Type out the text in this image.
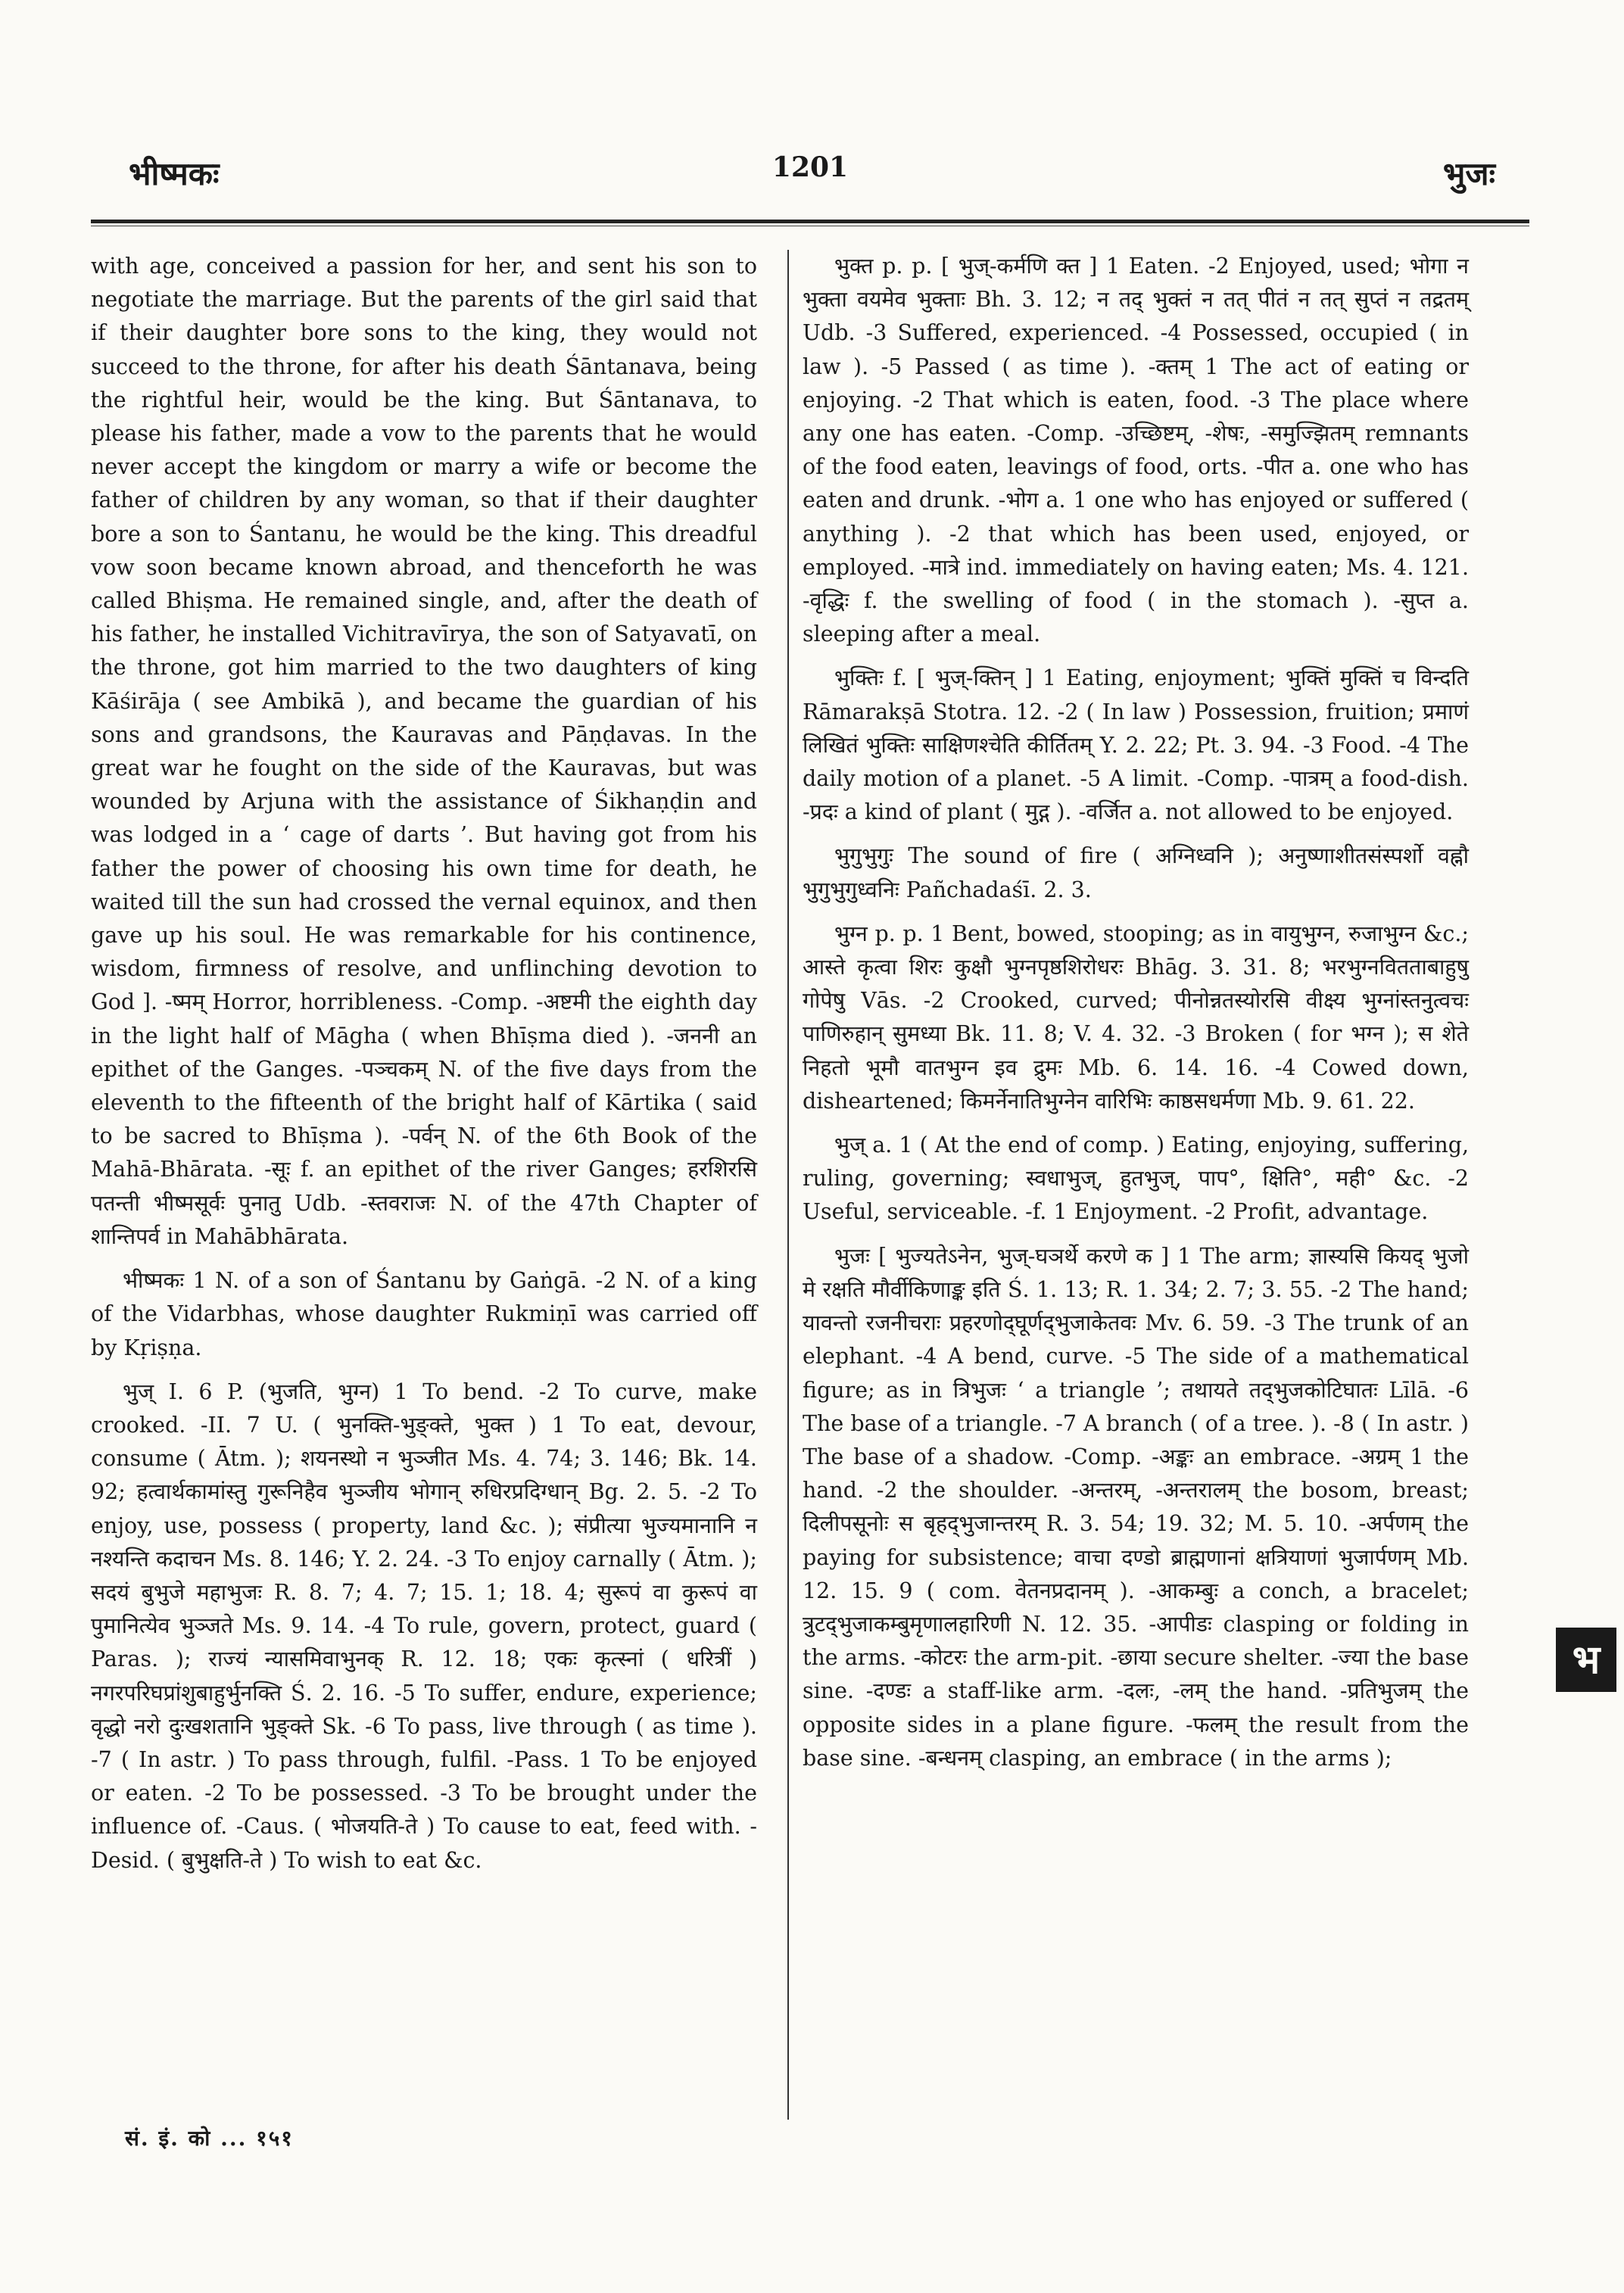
भीष्मकः	1201	भुजः

with age, conceived a passion for her, and sent his son to negotiate the marriage. But the parents of the girl said that if their daughter bore sons to the king, they would not succeed to the throne, for after his death Śāntanava, being the rightful heir, would be the king. But Śāntanava, to please his father, made a vow to the parents that he would never accept the kingdom or marry a wife or become the father of children by any woman, so that if their daughter bore a son to Śantanu, he would be the king. This dreadful vow soon became known abroad, and thenceforth he was called Bhiṣma. He remained single, and, after the death of his father, he installed Vichitravīrya, the son of Satyavatī, on the throne, got him married to the two daughters of king Kāśirāja ( see Ambikā ), and became the guardian of his sons and grandsons, the Kauravas and Pāṇḍavas. In the great war he fought on the side of the Kauravas, but was wounded by Arjuna with the assistance of Śikhaṇḍin and was lodged in a ‘ cage of darts ’. But having got from his father the power of choosing his own time for death, he waited till the sun had crossed the vernal equinox, and then gave up his soul. He was remarkable for his continence, wisdom, firmness of resolve, and unflinching devotion to God ]. -ष्मम् Horror, horribleness. -Comp. -अष्टमी the eighth day in the light half of Māgha ( when Bhīṣma died ). -जननी an epithet of the Ganges. -पञ्चकम् N. of the five days from the eleventh to the fifteenth of the bright half of Kārtika ( said to be sacred to Bhīṣma ). -पर्वन् N. of the 6th Book of the Mahā-Bhārata. -सूः f. an epithet of the river Ganges; हरशिरसि पतन्ती भीष्मसूर्वः पुनातु Udb. -स्तवराजः N. of the 47th Chapter of शान्तिपर्व in Mahābhārata.

भीष्मकः 1 N. of a son of Śantanu by Gaṅgā. -2 N. of a king of the Vidarbhas, whose daughter Rukmiṇī was carried off by Kṛiṣṇa.

भुज् I. 6 P. (भुजति, भुग्न) 1 To bend. -2 To curve, make crooked. -II. 7 U. ( भुनक्ति-भुङ्क्ते, भुक्त ) 1 To eat, devour, consume ( Ātm. ); शयनस्थो न भुञ्जीत Ms. 4. 74; 3. 146; Bk. 14. 92; हत्वार्थकामांस्तु गुरूनिहैव भुञ्जीय भोगान् रुधिरप्रदिग्धान् Bg. 2. 5. -2 To enjoy, use, possess ( property, land &c. ); संप्रीत्या भुज्यमानानि न नश्यन्ति कदाचन Ms. 8. 146; Y. 2. 24. -3 To enjoy carnally ( Ātm. ); सदयं बुभुजे महाभुजः R. 8. 7; 4. 7; 15. 1; 18. 4; सुरूपं वा कुरूपं वा पुमानित्येव भुञ्जते Ms. 9. 14. -4 To rule, govern, protect, guard ( Paras. ); राज्यं न्यासमिवाभुनक् R. 12. 18; एकः कृत्स्नां ( धरित्रीं ) नगरपरिघप्रांशुबाहुर्भुनक्ति Ś. 2. 16. -5 To suffer, endure, experience; वृद्धो नरो दुःखशतानि भुङ्क्ते Sk. -6 To pass, live through ( as time ). -7 ( In astr. ) To pass through, fulfil. -Pass. 1 To be enjoyed or eaten. -2 To be possessed. -3 To be brought under the influence of. -Caus. ( भोजयति-ते ) To cause to eat, feed with. -Desid. ( बुभुक्षति-ते ) To wish to eat &c.

भुक्त p. p. [ भुज्-कर्मणि क्त ] 1 Eaten. -2 Enjoyed, used; भोगा न भुक्ता वयमेव भुक्ताः Bh. 3. 12; न तद् भुक्तं न तत् पीतं न तत् सुप्तं न तद्रतम् Udb. -3 Suffered, experienced. -4 Possessed, occupied ( in law ). -5 Passed ( as time ). -क्तम् 1 The act of eating or enjoying. -2 That which is eaten, food. -3 The place where any one has eaten. -Comp. -उच्छिष्टम्, -शेषः, -समुज्झितम् remnants of the food eaten, leavings of food, orts. -पीत a. one who has eaten and drunk. -भोग a. 1 one who has enjoyed or suffered ( anything ). -2 that which has been used, enjoyed, or employed. -मात्रे ind. immediately on having eaten; Ms. 4. 121. -वृद्धिः f. the swelling of food ( in the stomach ). -सुप्त a. sleeping after a meal.

भुक्तिः f. [ भुज्-क्तिन् ] 1 Eating, enjoyment; भुक्तिं मुक्तिं च विन्दति Rāmarakṣā Stotra. 12. -2 ( In law ) Possession, fruition; प्रमाणं लिखितं भुक्तिः साक्षिणश्चेति कीर्तितम् Y. 2. 22; Pt. 3. 94. -3 Food. -4 The daily motion of a planet. -5 A limit. -Comp. -पात्रम् a food-dish. -प्रदः a kind of plant ( मुद्ग ). -वर्जित a. not allowed to be enjoyed.

भुगुभुगुः The sound of fire ( अग्निध्वनि ); अनुष्णाशीतसंस्पर्शो वह्नौ भुगुभुगुध्वनिः Pañchadaśī. 2. 3.

भुग्न p. p. 1 Bent, bowed, stooping; as in वायुभुग्न, रुजाभुग्न &c.; आस्ते कृत्वा शिरः कुक्षौ भुग्नपृष्ठशिरोधरः Bhāg. 3. 31. 8; भरभुग्नवितताबाहुषु गोपेषु Vās. -2 Crooked, curved; पीनोन्नतस्योरसि वीक्ष्य भुग्नांस्तनुत्वचः पाणिरुहान् सुमध्या Bk. 11. 8; V. 4. 32. -3 Broken ( for भग्न ); स शेते निहतो भूमौ वातभुग्न इव द्रुमः Mb. 6. 14. 16. -4 Cowed down, disheartened; किमर्नेनातिभुग्नेन वारिभिः काष्ठसधर्मणा Mb. 9. 61. 22.

भुज् a. 1 ( At the end of comp. ) Eating, enjoying, suffering, ruling, governing; स्वधाभुज्, हुतभुज्, पाप°, क्षिति°, मही° &c. -2 Useful, serviceable. -f. 1 Enjoyment. -2 Profit, advantage.

भुजः [ भुज्यतेऽनेन, भुज्-घञर्थे करणे क ] 1 The arm; ज्ञास्यसि कियद् भुजो मे रक्षति मौर्वीकिणाङ्क इति Ś. 1. 13; R. 1. 34; 2. 7; 3. 55. -2 The hand; यावन्तो रजनीचराः प्रहरणोद्‌घूर्णद्‌भुजाकेतवः Mv. 6. 59. -3 The trunk of an elephant. -4 A bend, curve. -5 The side of a mathematical figure; as in त्रिभुजः ‘ a triangle ’; तथायते तद्‌भुजकोटिघातः Līlā. -6 The base of a triangle. -7 A branch ( of a tree. ). -8 ( In astr. ) The base of a shadow. -Comp. -अङ्कः an embrace. -अग्रम् 1 the hand. -2 the shoulder. -अन्तरम्, -अन्तरालम् the bosom, breast; दिलीपसूनोः स बृहद्‌भुजान्तरम् R. 3. 54; 19. 32; M. 5. 10. -अर्पणम् the paying for subsistence; वाचा दण्डो ब्राह्मणानां क्षत्रियाणां भुजार्पणम् Mb. 12. 15. 9 ( com. वेतनप्रदानम् ). -आकम्बुः a conch, a bracelet; त्रुटद्‌भुजाकम्बुमृणालहारिणी N. 12. 35. -आपीडः clasping or folding in the arms. -कोटरः the arm-pit. -छाया secure shelter. -ज्या the base sine. -दण्डः a staff-like arm. -दलः, -लम् the hand. -प्रतिभुजम् the opposite sides in a plane figure. -फलम् the result from the base sine. -बन्धनम् clasping, an embrace ( in the arms );

सं. इं. को ... १५१
भ
